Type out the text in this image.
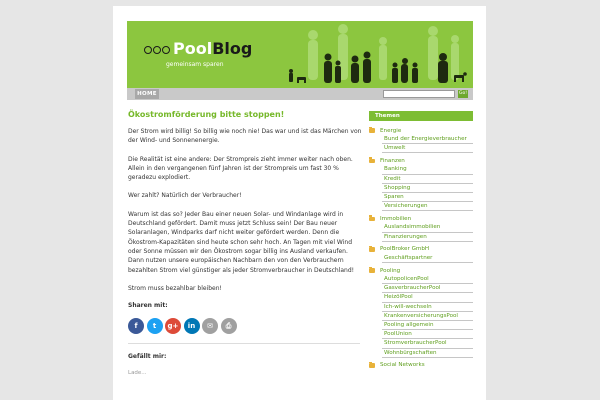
Pool Blog
gemeinsam sparen
HOME	Go!
Ökostromförderung bitte stoppen!

Der Strom wird billig! So billig wie noch nie! Das war und ist das Märchen von der Wind- und Sonnenenergie.

Die Realität ist eine andere: Der Strompreis zieht immer weiter nach oben. Allein in den vergangenen fünf Jahren ist der Strompreis um fast 30 % geradezu explodiert.

Wer zahlt? Natürlich der Verbraucher!

Warum ist das so? Jeder Bau einer neuen Solar- und Windanlage wird in Deutschland gefördert. Damit muss jetzt Schluss sein! Der Bau neuer Solaranlagen, Windparks darf nicht weiter gefördert werden. Denn die Ökostrom-Kapazitäten sind heute schon sehr hoch. An Tagen mit viel Wind oder Sonne müssen wir den Ökostrom sogar billig ins Ausland verkaufen. Dann nutzen unsere europäischen Nachbarn den von den Verbrauchern bezahlten Strom viel günstiger als jeder Stromverbraucher in Deutschland!

Strom muss bezahlbar bleiben!

Sharen mit:
f	t	g+	in	✉	⎙
Gefällt mir:
Lade...
Themen
Energie
Bund der Energieverbraucher
Umwelt
Finanzen
Banking
Kredit
Shopping
Sparen
Versicherungen
Immobilien
Auslandsimmobilien
Finanzierungen
PoolBroker GmbH
Geschäftspartner
Pooling
AutopolicenPool
GasverbraucherPool
HeizölPool
Ich-will-wechseln
KrankenversicherungsPool
Pooling allgemein
PoolUnion
StromverbraucherPool
Wohnbürgschaften
Social Networks
